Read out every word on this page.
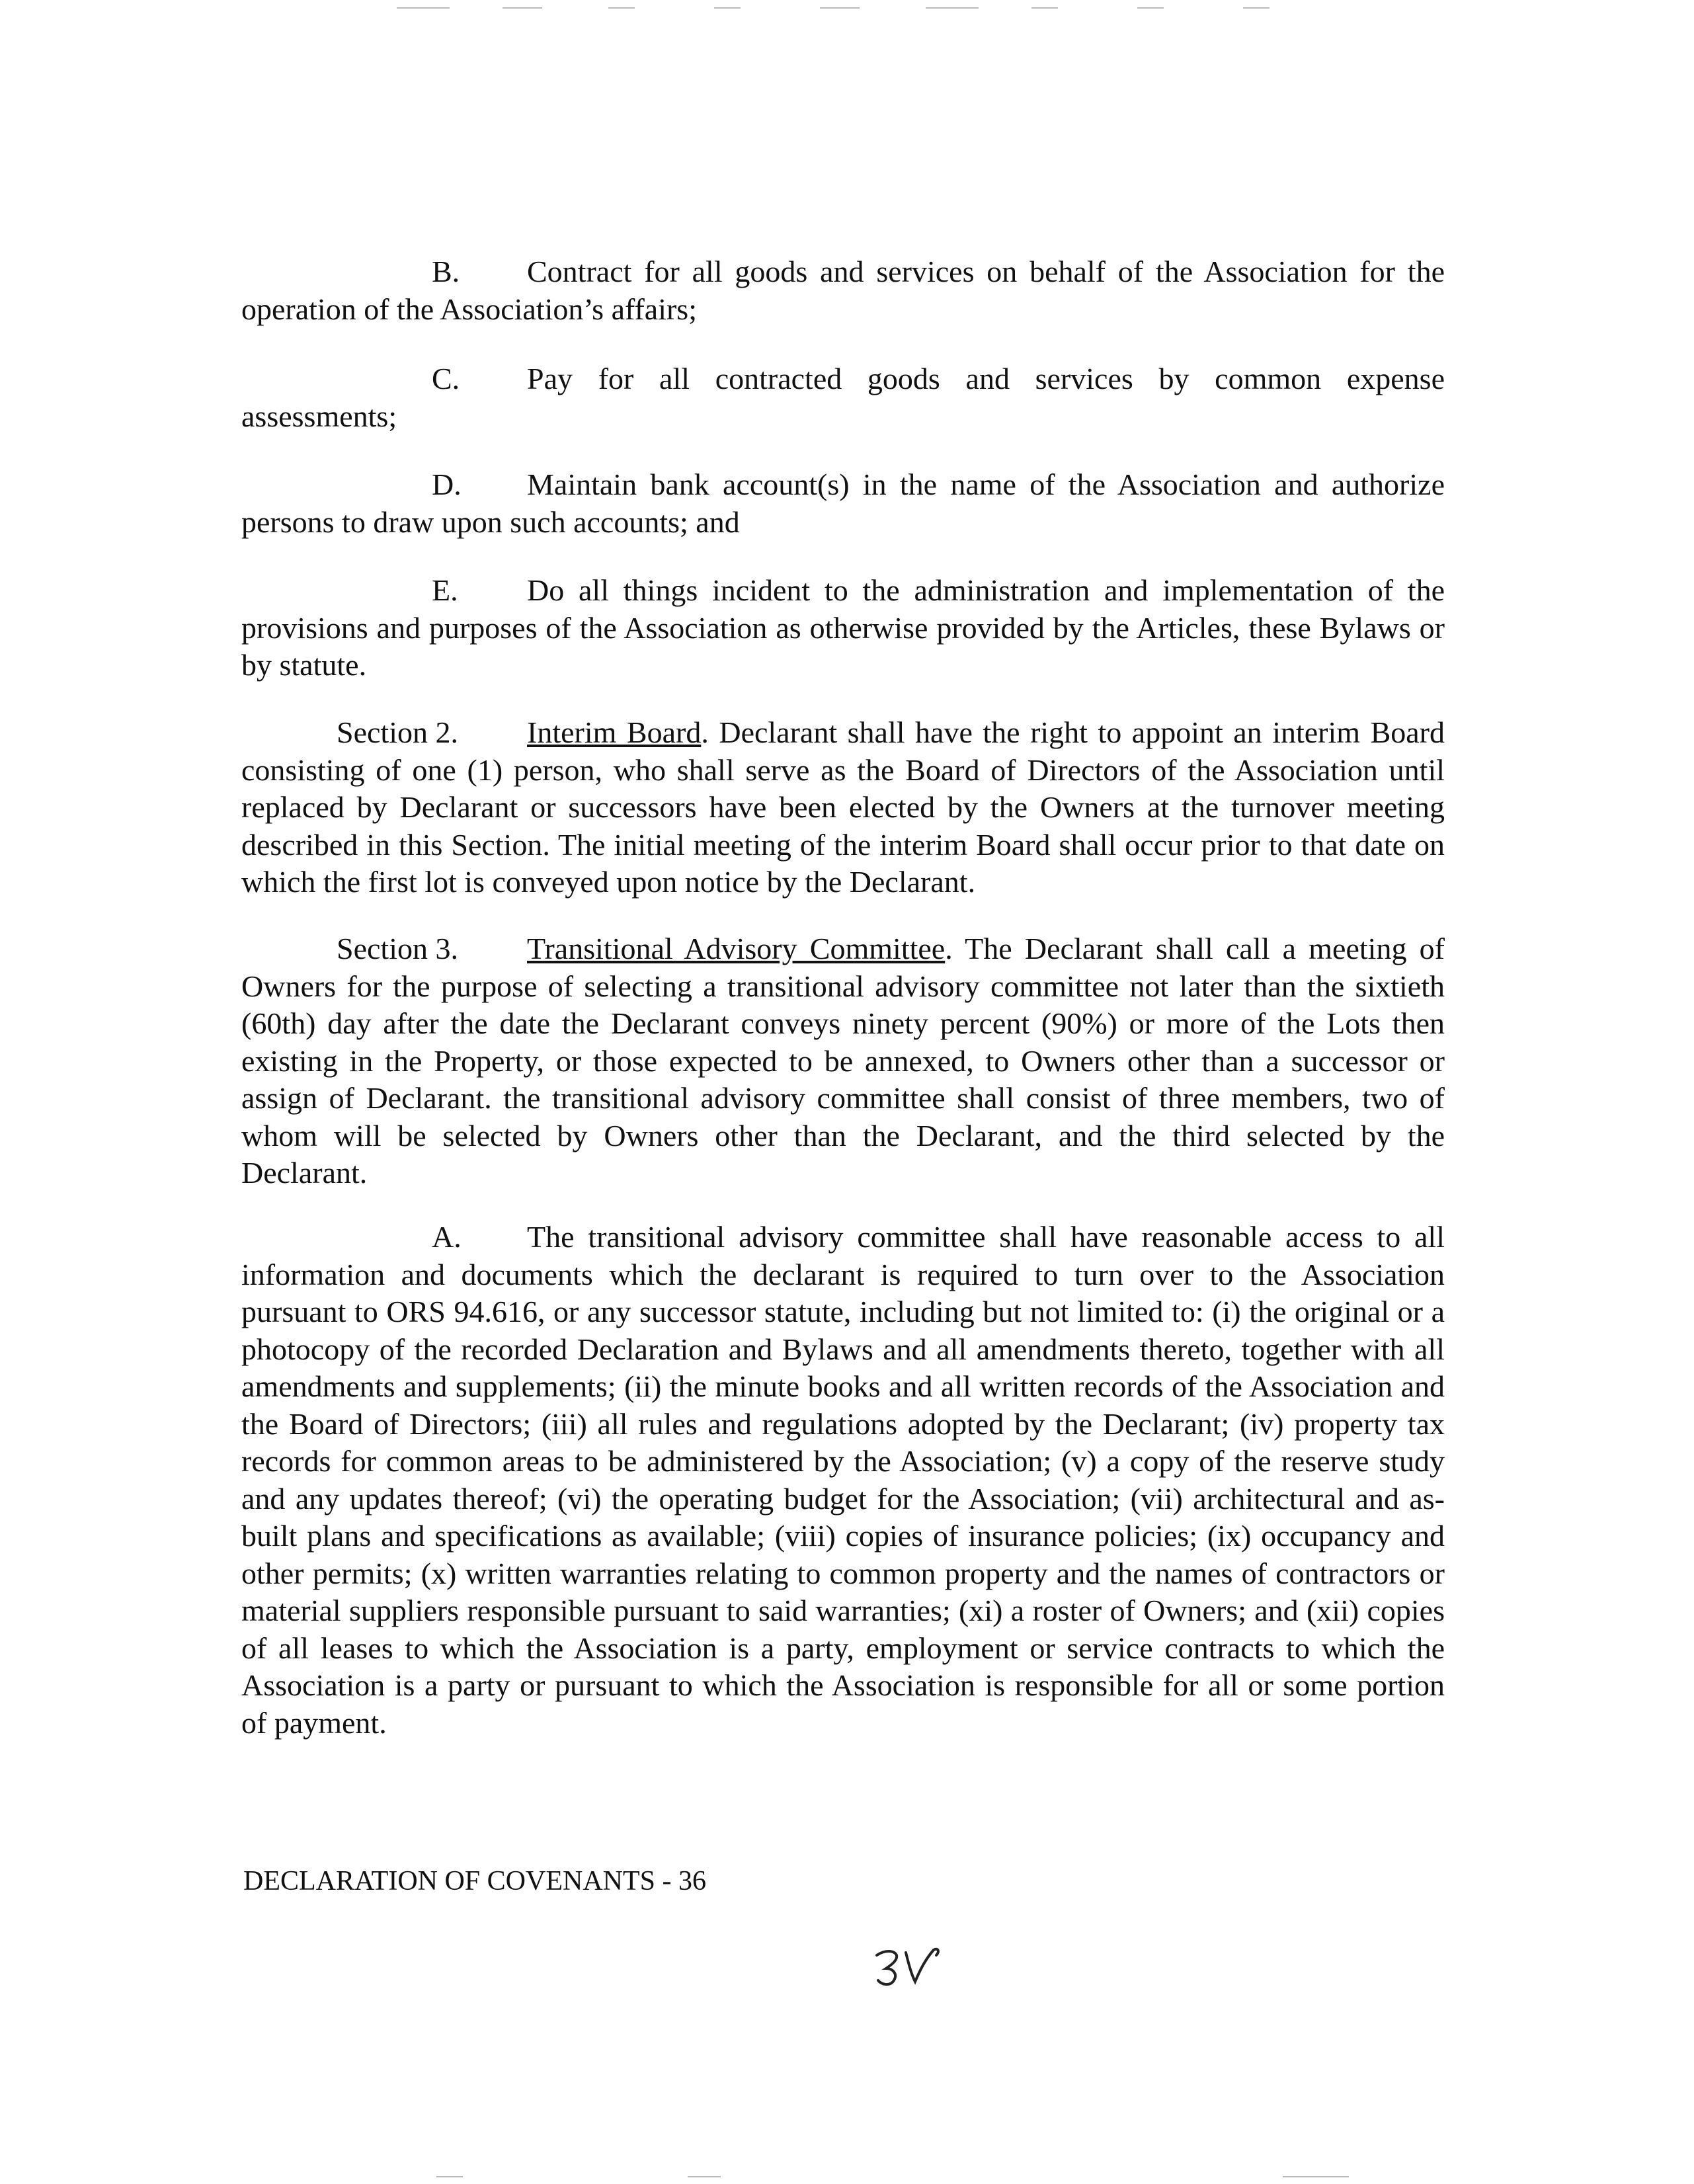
B. Contract for all goods and services on behalf of the Association for the operation of the Association’s affairs;

C. Pay for all contracted goods and services by common expense assessments;

D. Maintain bank account(s) in the name of the Association and authorize persons to draw upon such accounts; and

E. Do all things incident to the administration and implementation of the provisions and purposes of the Association as otherwise provided by the Articles, these Bylaws or by statute.

Section 2. Interim Board. Declarant shall have the right to appoint an interim Board consisting of one (1) person, who shall serve as the Board of Directors of the Association until replaced by Declarant or successors have been elected by the Owners at the turnover meeting described in this Section. The initial meeting of the interim Board shall occur prior to that date on which the first lot is conveyed upon notice by the Declarant.

Section 3. Transitional Advisory Committee. The Declarant shall call a meeting of Owners for the purpose of selecting a transitional advisory committee not later than the sixtieth (60th) day after the date the Declarant conveys ninety percent (90%) or more of the Lots then existing in the Property, or those expected to be annexed, to Owners other than a successor or assign of Declarant. the transitional advisory committee shall consist of three members, two of whom will be selected by Owners other than the Declarant, and the third selected by the Declarant.

A. The transitional advisory committee shall have reasonable access to all information and documents which the declarant is required to turn over to the Association pursuant to ORS 94.616, or any successor statute, including but not limited to: (i) the original or a photocopy of the recorded Declaration and Bylaws and all amendments thereto, together with all amendments and supplements; (ii) the minute books and all written records of the Association and the Board of Directors; (iii) all rules and regulations adopted by the Declarant; (iv) property tax records for common areas to be administered by the Association; (v) a copy of the reserve study and any updates thereof; (vi) the operating budget for the Association; (vii) architectural and as-built plans and specifications as available; (viii) copies of insurance policies; (ix) occupancy and other permits; (x) written warranties relating to common property and the names of contractors or material suppliers responsible pursuant to said warranties; (xi) a roster of Owners; and (xii) copies of all leases to which the Association is a party, employment or service contracts to which the Association is a party or pursuant to which the Association is responsible for all or some portion of payment.

DECLARATION OF COVENANTS - 36
